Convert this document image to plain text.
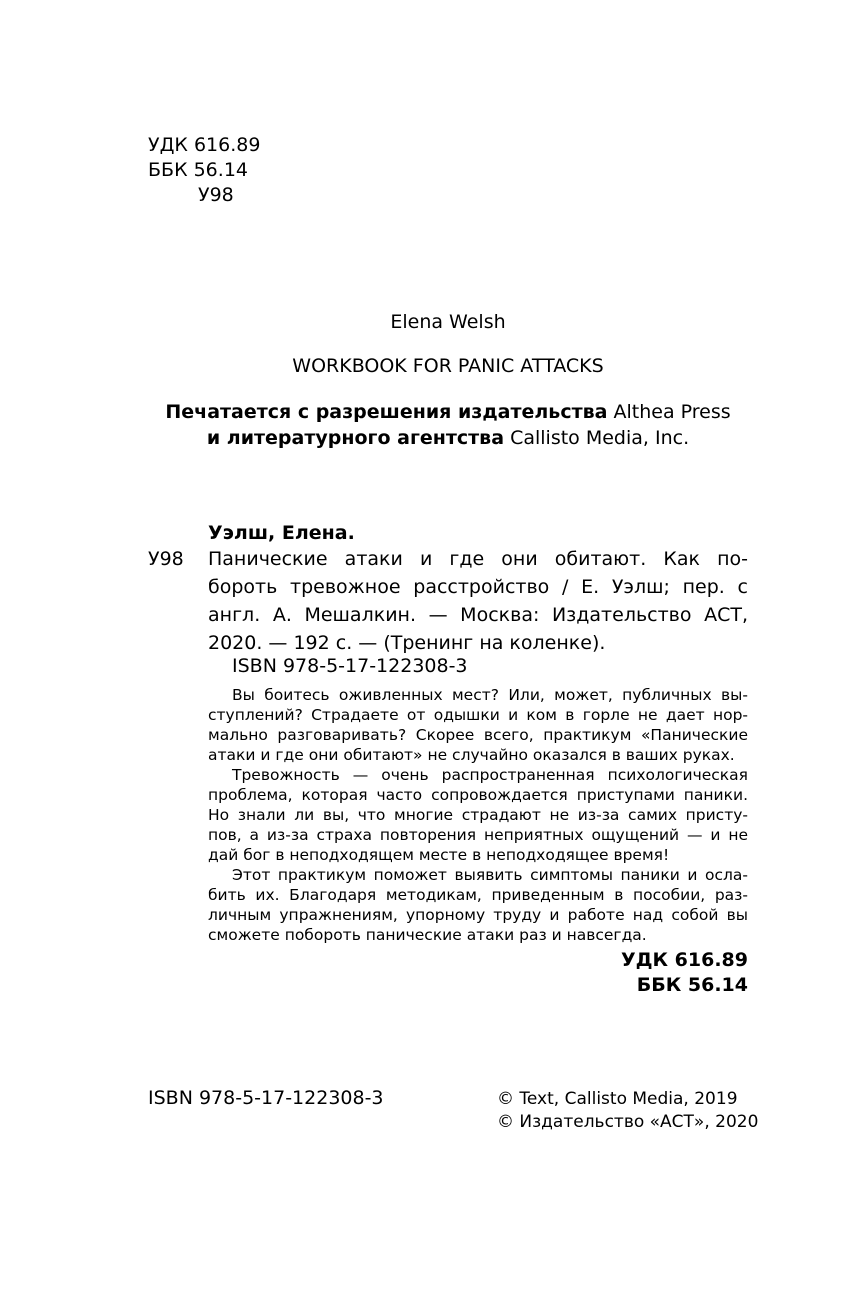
УДК 616.89
ББК 56.14
У98
Elena Welsh
WORKBOOK FOR PANIC ATTACKS
Печатается с разрешения издательства Althea Press
и литературного агентства Callisto Media, Inc.
Уэлш, Елена.
У98 Панические атаки и где они обитают. Как по-
бороть тревожное расстройство / Е. Уэлш; пер. с
англ. А. Мешалкин. — Москва: Издательство АСТ,
2020. — 192 с. — (Тренинг на коленке).
ISBN 978-5-17-122308-3
Вы боитесь оживленных мест? Или, может, публичных вы-
ступлений? Страдаете от одышки и ком в горле не дает нор-
мально разговаривать? Скорее всего, практикум «Панические
атаки и где они обитают» не случайно оказался в ваших руках.
Тревожность — очень распространенная психологическая
проблема, которая часто сопровождается приступами паники.
Но знали ли вы, что многие страдают не из-за самих присту-
пов, а из-за страха повторения неприятных ощущений — и не
дай бог в неподходящем месте в неподходящее время!
Этот практикум поможет выявить симптомы паники и осла-
бить их. Благодаря методикам, приведенным в пособии, раз-
личным упражнениям, упорному труду и работе над собой вы
сможете побороть панические атаки раз и навсегда.
УДК 616.89
ББК 56.14
ISBN 978-5-17-122308-3	© Text, Callisto Media, 2019
© Издательство «АСТ», 2020
